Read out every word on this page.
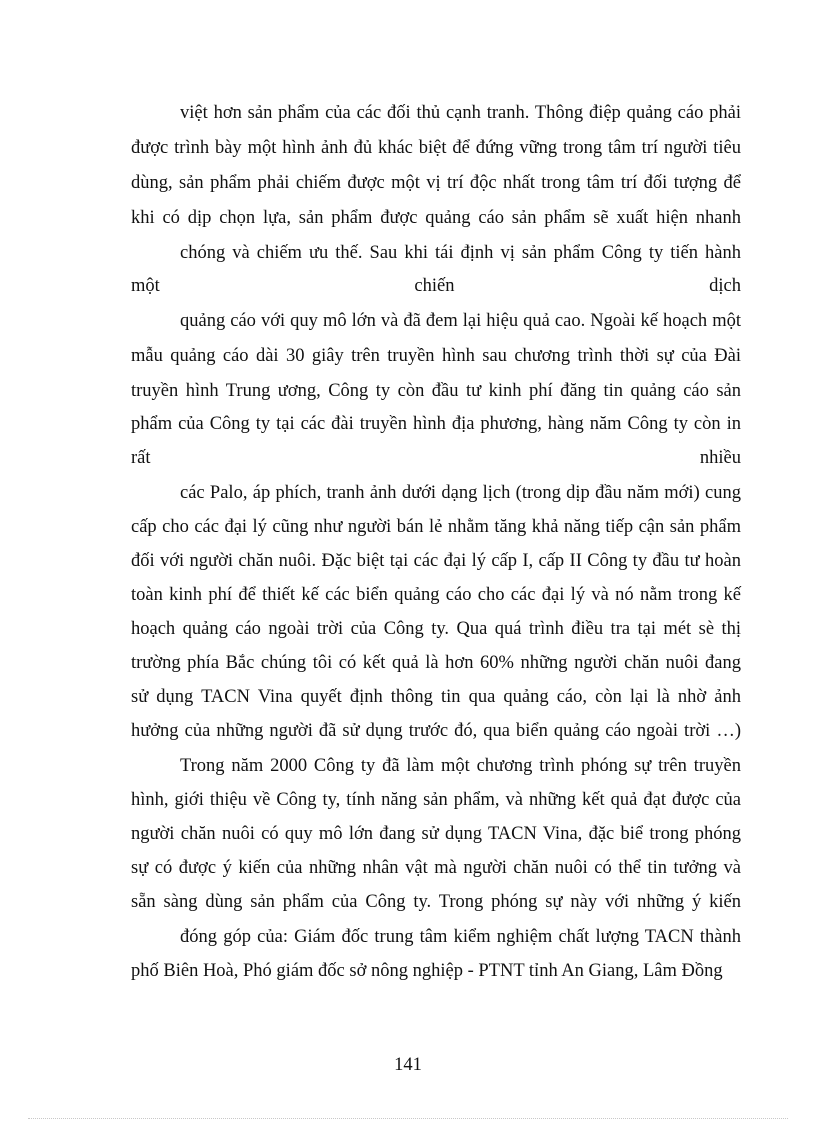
việt hơn sản phẩm của các đối thủ cạnh tranh. Thông điệp quảng cáo phải
được trình bày một hình ảnh đủ khác biệt để đứng vững trong tâm trí người tiêu
dùng, sản phẩm phải chiếm được một vị trí độc nhất trong tâm trí đối tượng để
khi có dịp chọn lựa, sản phẩm được quảng cáo sản phẩm sẽ xuất hiện nhanh
chóng và chiếm ưu thế. Sau khi tái định vị sản phẩm Công ty tiến hành
một	chiến	dịch
quảng cáo với quy mô lớn và đã đem lại hiệu quả cao. Ngoài kế hoạch một
mẫu quảng cáo dài 30 giây trên truyền hình sau chương trình thời sự của Đài
truyền hình Trung ương, Công ty còn đầu tư kinh phí đăng tin quảng cáo sản
phẩm của Công ty tại các đài truyền hình địa phương, hàng năm Công ty còn in
rất	nhiều
các Palo, áp phích, tranh ảnh dưới dạng lịch (trong dịp đầu năm mới) cung
cấp cho các đại lý cũng như người bán lẻ nhằm tăng khả năng tiếp cận sản phẩm
đối với người chăn nuôi. Đặc biệt tại các đại lý cấp I, cấp II Công ty đầu tư hoàn
toàn kinh phí để thiết kế các biển quảng cáo cho các đại lý và nó nằm trong kế
hoạch quảng cáo ngoài trời của Công ty. Qua quá trình điều tra tại mét sè thị
trường phía Bắc chúng tôi có kết quả là hơn 60% những người chăn nuôi đang
sử dụng TACN Vina quyết định thông tin qua quảng cáo, còn lại là nhờ ảnh
hưởng của những người đã sử dụng trước đó, qua biển quảng cáo ngoài trời …)
Trong năm 2000 Công ty đã làm một chương trình phóng sự trên truyền
hình, giới thiệu về Công ty, tính năng sản phẩm, và những kết quả đạt được của
người chăn nuôi có quy mô lớn đang sử dụng TACN Vina, đặc biể trong phóng
sự có được ý kiến của những nhân vật mà người chăn nuôi có thể tin tưởng và
sẵn sàng dùng sản phẩm của Công ty. Trong phóng sự này với những ý kiến
đóng góp của: Giám đốc trung tâm kiểm nghiệm chất lượng TACN thành
phố Biên Hoà, Phó giám đốc sở nông nghiệp - PTNT tỉnh An Giang, Lâm Đồng
141
